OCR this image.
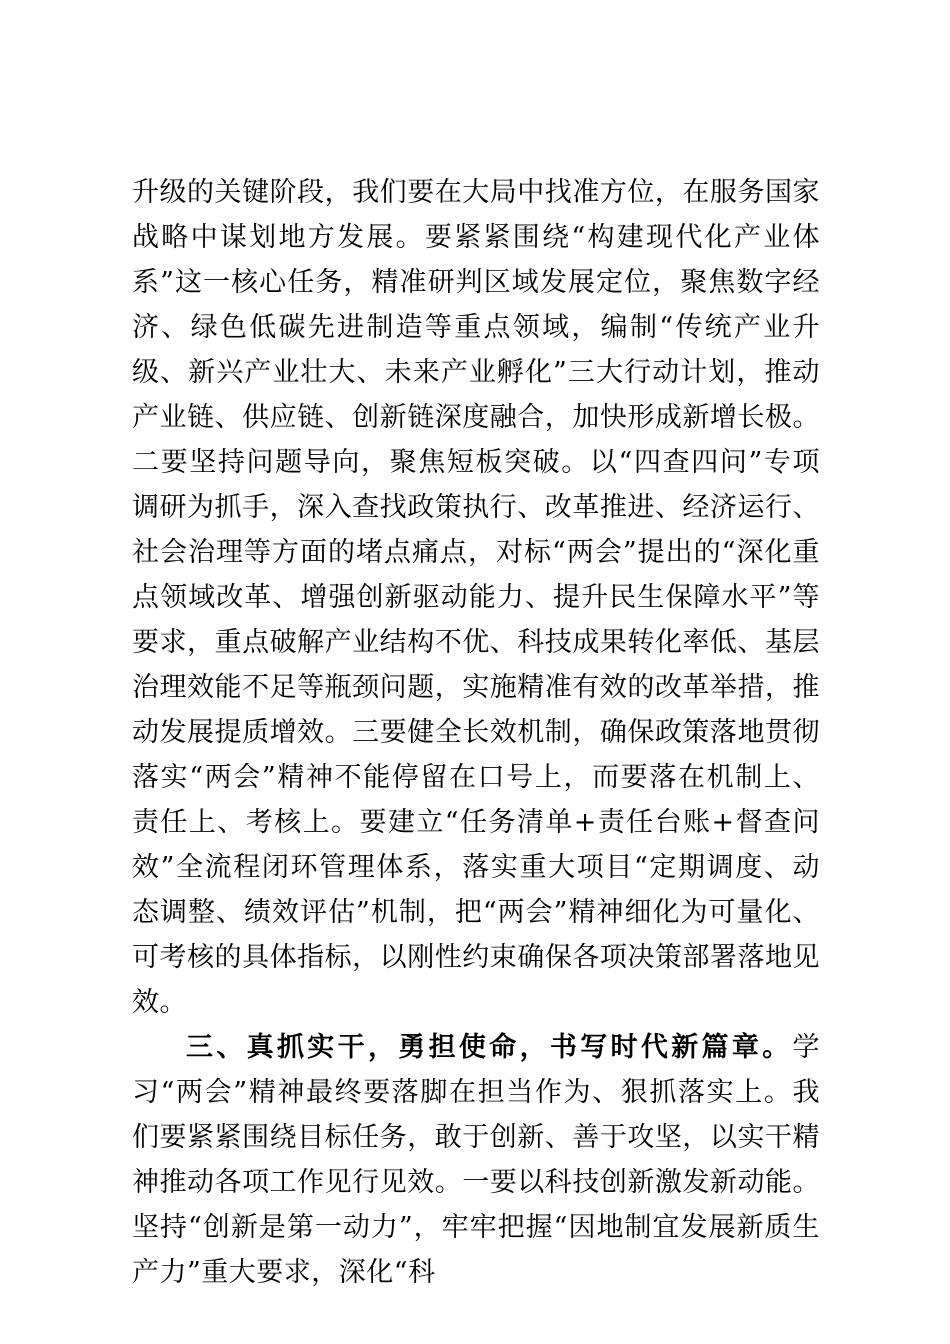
升级的关键阶段，我们要在大局中找准方位，在服务国家战略中谋划地方发展。要紧紧围绕“构建现代化产业体系”这一核心任务，精准研判区域发展定位，聚焦数字经济、绿色低碳先进制造等重点领域，编制“传统产业升级、新兴产业壮大、未来产业孵化”三大行动计划，推动产业链、供应链、创新链深度融合，加快形成新增长极。二要坚持问题导向，聚焦短板突破。以“四查四问”专项调研为抓手，深入查找政策执行、改革推进、经济运行、社会治理等方面的堵点痛点，对标“两会”提出的“深化重点领域改革、增强创新驱动能力、提升民生保障水平”等要求，重点破解产业结构不优、科技成果转化率低、基层治理效能不足等瓶颈问题，实施精准有效的改革举措，推动发展提质增效。三要健全长效机制，确保政策落地贯彻落实“两会”精神不能停留在口号上，而要落在机制上、责任上、考核上。要建立“任务清单+责任台账+督查问效”全流程闭环管理体系，落实重大项目“定期调度、动态调整、绩效评估”机制，把“两会”精神细化为可量化、可考核的具体指标，以刚性约束确保各项决策部署落地见效。

三、真抓实干，勇担使命，书写时代新篇章。学习“两会”精神最终要落脚在担当作为、狠抓落实上。我们要紧紧围绕目标任务，敢于创新、善于攻坚，以实干精神推动各项工作见行见效。一要以科技创新激发新动能。坚持“创新是第一动力”，牢牢把握“因地制宜发展新质生产力”重大要求，深化“科
